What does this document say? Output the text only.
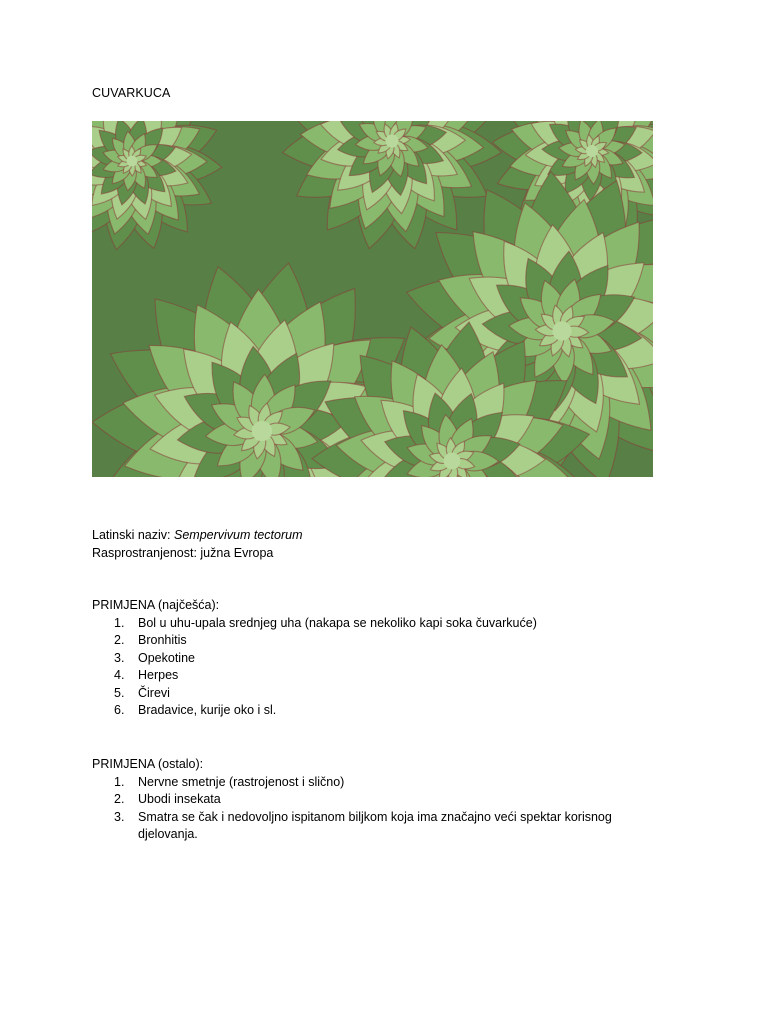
CUVARKUCA
Latinski naziv: Sempervivum tectorum
Rasprostranjenost: južna Evropa
PRIMJENA (najčešća):
1. Bol u uhu-upala srednjeg uha (nakapa se nekoliko kapi soka čuvarkuće)
2. Bronhitis
3. Opekotine
4. Herpes
5. Čirevi
6. Bradavice, kurije oko i sl.
PRIMJENA (ostalo):
1. Nervne smetnje (rastrojenost i slično)
2. Ubodi insekata
3. Smatra se čak i nedovoljno ispitanom biljkom koja ima značajno veći spektar korisnog djelovanja.
